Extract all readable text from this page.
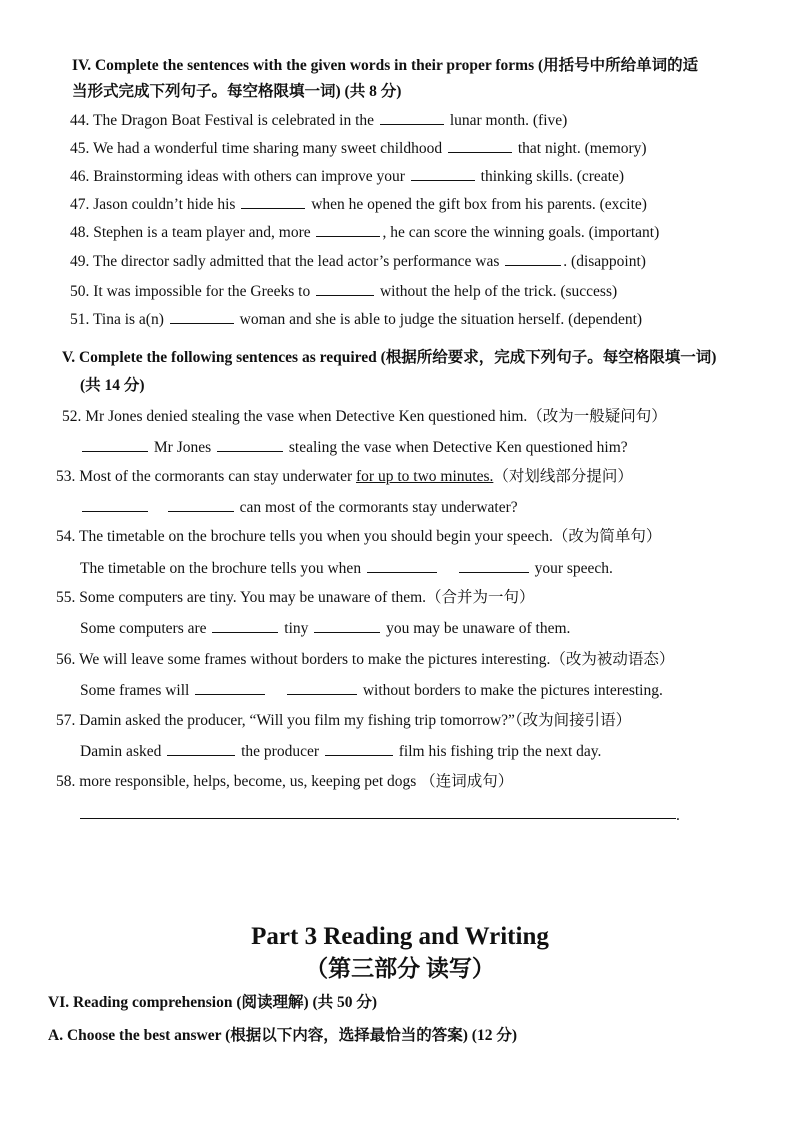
IV. Complete the sentences with the given words in their proper forms (用括号中所给单词的适
当形式完成下列句子。每空格限填一词) (共 8 分)
44. The Dragon Boat Festival is celebrated in the	lunar month. (five)
45. We had a wonderful time sharing many sweet childhood	that night. (memory)
46. Brainstorming ideas with others can improve your	thinking skills. (create)
47. Jason couldn’t hide his	when he opened the gift box from his parents. (excite)
48. Stephen is a team player and, more	, he can score the winning goals. (important)
49. The director sadly admitted that the lead actor’s performance was	. (disappoint)
50. It was impossible for the Greeks to	without the help of the trick. (success)
51. Tina is a(n)	woman and she is able to judge the situation herself. (dependent)
V. Complete the following sentences as required (根据所给要求，完成下列句子。每空格限填一词)
(共 14 分)
52. Mr Jones denied stealing the vase when Detective Ken questioned him.（改为一般疑问句）
Mr Jones	stealing the vase when Detective Ken questioned him?
53. Most of the cormorants can stay underwater for up to two minutes.（对划线部分提问）
can most of the cormorants stay underwater?
54. The timetable on the brochure tells you when you should begin your speech.（改为简单句）
The timetable on the brochure tells you when	your speech.
55. Some computers are tiny. You may be unaware of them.（合并为一句）
Some computers are	tiny	you may be unaware of them.
56. We will leave some frames without borders to make the pictures interesting.（改为被动语态）
Some frames will	without borders to make the pictures interesting.
57. Damin asked the producer, “Will you film my fishing trip tomorrow?”（改为间接引语）
Damin asked	the producer	film his fishing trip the next day.
58. more responsible, helps, become, us, keeping pet dogs （连词成句）
.
Part 3 Reading and Writing
（第三部分 读写）
VI. Reading comprehension (阅读理解) (共 50 分)
A. Choose the best answer (根据以下内容，选择最恰当的答案) (12 分)
